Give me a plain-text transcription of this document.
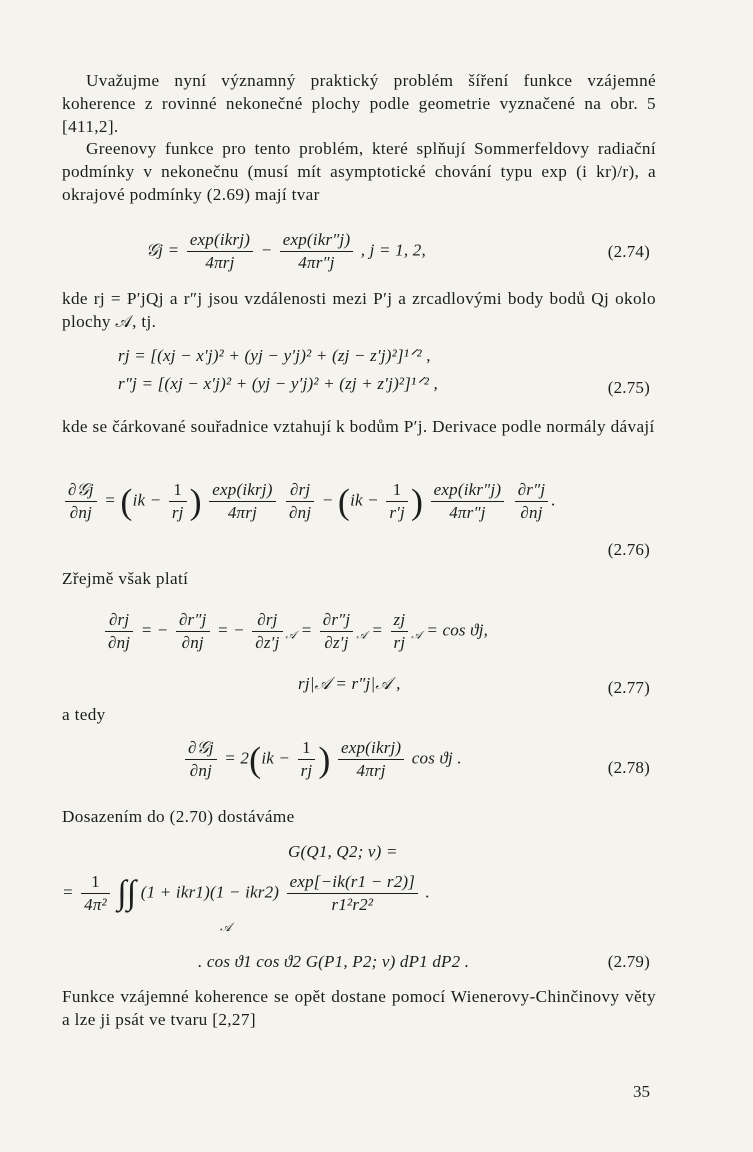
Uvažujme nyní významný praktický problém šíření funkce vzájemné koherence z rovinné nekonečné plochy podle geometrie vyznačené na obr. 5 [411,2].

Greenovy funkce pro tento problém, které splňují Sommerfeldovy radiační podmínky v nekonečnu (musí mít asymptotické chování typu exp (i kr)/r), a okrajové podmínky (2.69) mají tvar

𝒢j = $\frac{\text{exp(ikrj)}}{\text{4πrj}} - \frac{\text{exp(ikr″j)}}{4\pi r''j}$ , j = 1, 2,	(2.74)

kde rj = P′jQj a r″j jsou vzdálenosti mezi P′j a zrcadlovými body bodů Qj okolo plochy 𝒜, tj.

rj = [(xj − x′j)² + (yj − y′j)² + (zj − z′j)²]¹ᐟ² ,
r″j = [(xj − x′j)² + (yj − y′j)² + (zj + z′j)²]¹ᐟ² ,	(2.75)

kde se čárkované souřadnice vztahují k bodům P′j. Derivace podle normály dávají

$\frac{\text{∂𝒢j}}{\partial nj} = (ik - \frac{1}{rj}$ ) $\frac{\text{exp(ikrj)}}{\text{4πrj}}$
$\frac{\partial rj}{\partial nj} - (ik - \frac{1}{r'j}$ ) $\frac{\text{exp(ikr″j)}}{4\pi r''j}$
$\frac{\partial r''j}{\partial nj}$ .
(2.76)

Zřejmě však platí

$\frac{\partial rj}{\partial nj}$ = − $\frac{\partial r''j}{\partial nj}$ = − $\frac{\partial rj}{\partial z'j} _𝒜 = \frac{\partial r''j}{\partial z'j} _𝒜 = \frac{zj}{rj} _𝒜 = \cos ϑj$,
rj|𝒜 = r″j|𝒜 ,	(2.77)

a tedy

$\frac{\text{∂𝒢j}}{\partial nj} = 2(ik - \frac{1}{rj}$ ) $\frac{\text{exp(ikrj)}}{\text{4πrj}}$ cos ϑj .
(2.78)

Dosazením do (2.70) dostáváme

G(Q1, Q2; ν) =
= $\frac{1}{\text{4π²}}$ ∫∫ $(1 + ikr1)(1 - ikr2) \frac{\exp[-ik(r1 - r2)]}{\text{r1²r2²}}$ .
𝒜
. cos ϑ1 cos ϑ2 G(P1, P2; ν) dP1 dP2 .	(2.79)

Funkce vzájemné koherence se opět dostane pomocí Wienerovy-Chinčinovy věty a lze ji psát ve tvaru [2,27]

35
